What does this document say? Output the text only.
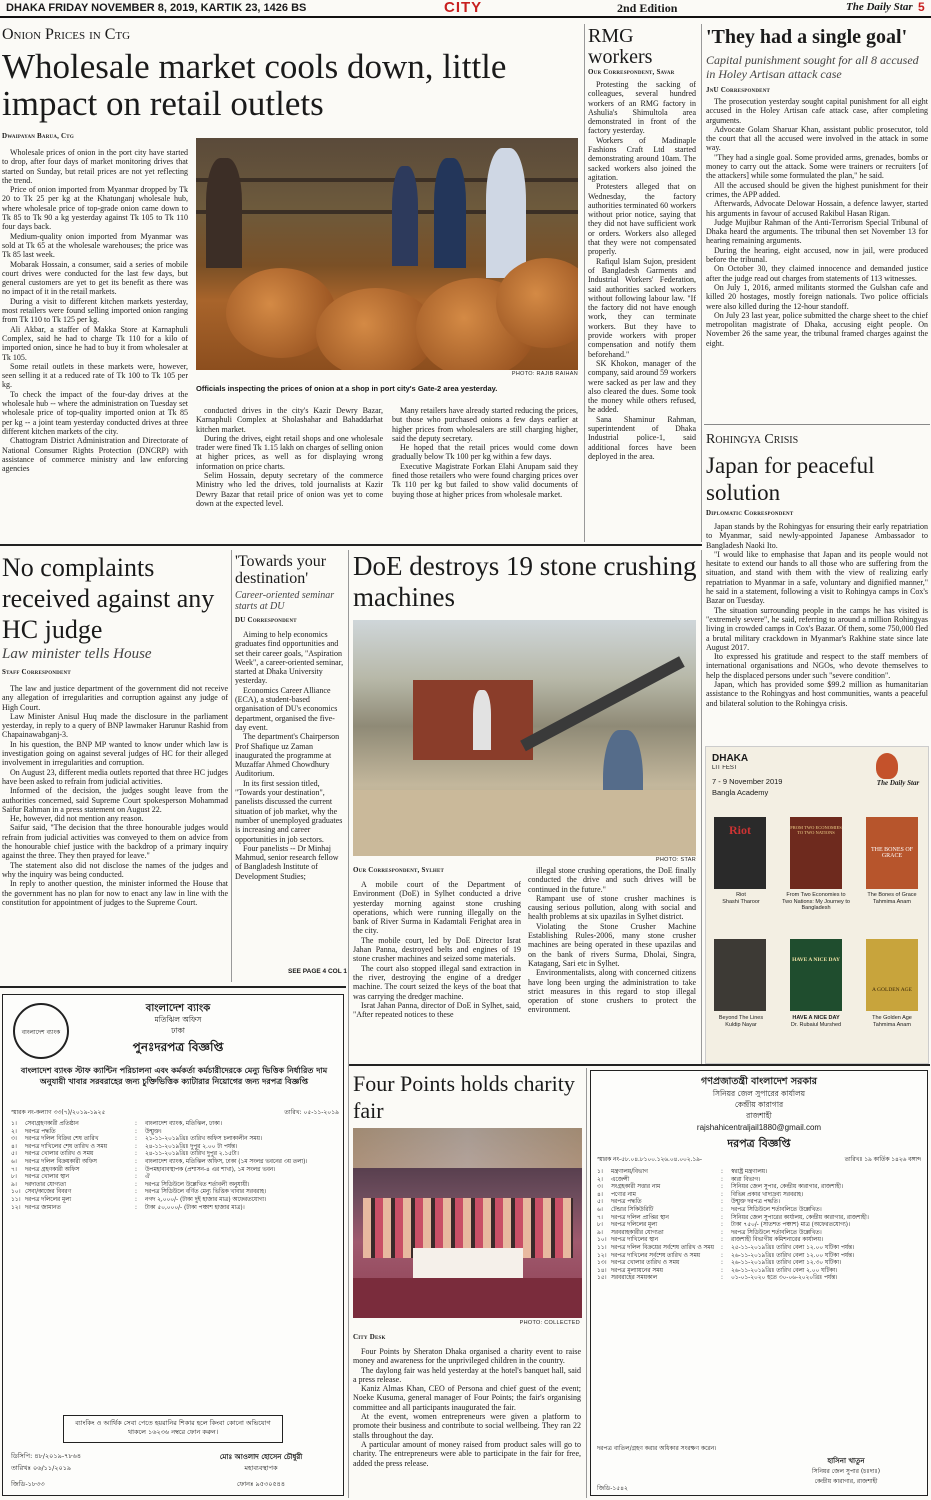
DHAKA FRIDAY NOVEMBER 8, 2019, KARTIK 23, 1426 BS	CITY	2nd Edition	The Daily Star 5
Onion Prices in Ctg
Wholesale market cools down, little impact on retail outlets
Dwaipayan Barua, Ctg

Wholesale prices of onion in the port city have started to drop, after four days of market monitoring drives that started on Sunday, but retail prices are not yet reflecting the trend.

Price of onion imported from Myanmar dropped by Tk 20 to Tk 25 per kg at the Khatunganj wholesale hub, where wholesale price of top-grade onion came down to Tk 85 to Tk 90 a kg yesterday against Tk 105 to Tk 110 four days back.

Medium-quality onion imported from Myanmar was sold at Tk 65 at the wholesale warehouses; the price was Tk 85 last week.

Mobarak Hossain, a consumer, said a series of mobile court drives were conducted for the last few days, but general customers are yet to get its benefit as there was no impact of it in the retail markets.

During a visit to different kitchen markets yesterday, most retailers were found selling imported onion ranging from Tk 110 to Tk 125 per kg.

Ali Akbar, a staffer of Makka Store at Karnaphuli Complex, said he had to charge Tk 110 for a kilo of imported onion, since he had to buy it from wholesaler at Tk 105.

Some retail outlets in these markets were, however, seen selling it at a reduced rate of Tk 100 to Tk 105 per kg.

To check the impact of the four-day drives at the wholesale hub -- where the administration on Tuesday set wholesale price of top-quality imported onion at Tk 85 per kg -- a joint team yesterday conducted drives at three different kitchen markets of the city.

Chattogram District Administration and Directorate of National Consumer Rights Protection (DNCRP) with assistance of commerce ministry and law enforcing agencies

PHOTO: RAJIB RAIHAN
Officials inspecting the prices of onion at a shop in port city's Gate-2 area yesterday.

conducted drives in the city's Kazir Dewry Bazar, Karnaphuli Complex at Sholashahar and Bahaddarhat kitchen market.

During the drives, eight retail shops and one wholesale trader were fined Tk 1.15 lakh on charges of selling onion at higher prices, as well as for displaying wrong information on price charts.

Selim Hossain, deputy secretary of the commerce Ministry who led the drives, told journalists at Kazir Dewry Bazar that retail price of onion was yet to come down at the expected level.

Many retailers have already started reducing the prices, but those who purchased onions a few days earlier at higher prices from wholesalers are still charging higher, said the deputy secretary.

He hoped that the retail prices would come down gradually below Tk 100 per kg within a few days.

Executive Magistrate Forkan Elahi Anupam said they fined those retailers who were found charging prices over Tk 110 per kg but failed to show valid documents of buying those at higher prices from wholesale market.

RMG workers
Our Correspondent, Savar

Protesting the sacking of colleagues, several hundred workers of an RMG factory in Ashulia's Shimultola area demonstrated in front of the factory yesterday.

Workers of Madinaple Fashions Craft Ltd started demonstrating around 10am. The sacked workers also joined the agitation.

Protesters alleged that on Wednesday, the factory authorities terminated 60 workers without prior notice, saying that they did not have sufficient work or orders. Workers also alleged that they were not compensated properly.

Rafiqul Islam Sujon, president of Bangladesh Garments and Industrial Workers' Federation, said authorities sacked workers without following labour law. "If the factory did not have enough work, they can terminate workers. But they have to provide workers with proper compensation and notify them beforehand."

SK Khokon, manager of the company, said around 59 workers were sacked as per law and they also cleared the dues. Some took the money while others refused, he added.

Sana Shaminur Rahman, superintendent of Dhaka Industrial police-1, said additional forces have been deployed in the area.

'They had a single goal'
Capital punishment sought for all 8 accused in Holey Artisan attack case
JnU Correspondent

The prosecution yesterday sought capital punishment for all eight accused in the Holey Artisan cafe attack case, after completing arguments.

Advocate Golam Sharuar Khan, assistant public prosecutor, told the court that all the accused were involved in the attack in some way.

"They had a single goal. Some provided arms, grenades, bombs or money to carry out the attack. Some were trainers or recruiters [of the attackers] while some formulated the plan," he said.

All the accused should be given the highest punishment for their crimes, the APP added.

Afterwards, Advocate Delowar Hossain, a defence lawyer, started his arguments in favour of accused Rakibul Hasan Rigan.

Judge Mujibur Rahman of the Anti-Terrorism Special Tribunal of Dhaka heard the arguments. The tribunal then set November 13 for hearing remaining arguments.

During the hearing, eight accused, now in jail, were produced before the tribunal.

On October 30, they claimed innocence and demanded justice after the judge read out charges from statements of 113 witnesses.

On July 1, 2016, armed militants stormed the Gulshan cafe and killed 20 hostages, mostly foreign nationals. Two police officials were also killed during the 12-hour standoff.

On July 23 last year, police submitted the charge sheet to the chief metropolitan magistrate of Dhaka, accusing eight people. On November 26 the same year, the tribunal framed charges against the eight.

Rohingya Crisis
Japan for peaceful solution
Diplomatic Correspondent

Japan stands by the Rohingyas for ensuring their early repatriation to Myanmar, said newly-appointed Japanese Ambassador to Bangladesh Naoki Ito.

"I would like to emphasise that Japan and its people would not hesitate to extend our hands to all those who are suffering from the situation, and stand with them with the view of realizing early repatriation to Myanmar in a safe, voluntary and dignified manner," he said in a statement, following a visit to Rohingya camps in Cox's Bazar on Tuesday.

The situation surrounding people in the camps he has visited is "extremely severe", he said, referring to around a million Rohingyas living in crowded camps in Cox's Bazar. Of them, some 750,000 fled a brutal military crackdown in Myanmar's Rakhine state since late August 2017.

Ito expressed his gratitude and respect to the staff members of international organisations and NGOs, who devote themselves to help the displaced persons under such "severe condition".

Japan, which has provided some $99.2 million as humanitarian assistance to the Rohingyas and host communities, wants a peaceful and bilateral solution to the Rohingya crisis.

No complaints received against any HC judge
Law minister tells House
Staff Correspondent

The law and justice department of the government did not receive any allegation of irregularities and corruption against any judge of High Court.

Law Minister Anisul Huq made the disclosure in the parliament yesterday, in reply to a query of BNP lawmaker Harunur Rashid from Chapainawabganj-3.

In his question, the BNP MP wanted to know under which law is investigation going on against several judges of HC for their alleged involvement in irregularities and corruption.

On August 23, different media outlets reported that three HC judges have been asked to refrain from judicial activities.

Informed of the decision, the judges sought leave from the authorities concerned, said Supreme Court spokesperson Mohammad Saifur Rahman in a press statement on August 22.

He, however, did not mention any reason.

Saifur said, "The decision that the three honourable judges would refrain from judicial activities was conveyed to them on advice from the honourable chief justice with the backdrop of a primary inquiry against the three. They then prayed for leave."

The statement also did not disclose the names of the judges and why the inquiry was being conducted.

In reply to another question, the minister informed the House that the government has no plan for now to enact any law in line with the constitution for appointment of judges to the Supreme Court.

'Towards your destination'
Career-oriented seminar starts at DU
DU Correspondent

Aiming to help economics graduates find opportunities and set their career goals, "Aspiration Week", a career-oriented seminar, started at Dhaka University yesterday.

Economics Career Alliance (ECA), a student-based organisation of DU's economics department, organised the five-day event.

The department's Chairperson Prof Shafique uz Zaman inaugurated the programme at Muzaffar Ahmed Chowdhury Auditorium.

In its first session titled, "Towards your destination", panelists discussed the current situation of job market, why the number of unemployed graduates is increasing and career opportunities in job sectors.

Four panelists -- Dr Minhaj Mahmud, senior research fellow of Bangladesh Institute of Development Studies;

SEE PAGE 4 COL 1
DoE destroys 19 stone crushing machines
PHOTO: STAR
Our Correspondent, Sylhet

A mobile court of the Department of Environment (DoE) in Sylhet conducted a drive yesterday morning against stone crushing operations, which were running illegally on the bank of River Surma in Kadamtali Ferighat area in the city.

The mobile court, led by DoE Director Israt Jahan Panna, destroyed belts and engines of 19 stone crusher machines and seized some materials.

The court also stopped illegal sand extraction in the river, destroying the engine of a dredger machine. The court seized the keys of the boat that was carrying the dredger machine.

Israt Jahan Panna, director of DoE in Sylhet, said, "After repeated notices to these

illegal stone crushing operations, the DoE finally conducted the drive and such drives will be continued in the future."

Rampant use of stone crusher machines is causing serious pollution, along with social and health problems at six upazilas in Sylhet district.

Violating the Stone Crusher Machine Establishing Rules-2006, many stone crusher machines are being operated in these upazilas and on the bank of rivers Surma, Dholai, Singra, Katagang, Sari etc in Sylhet.

Environmentalists, along with concerned citizens have long been urging the administration to take strict measures in this regard to stop illegal operation of stone crushers to protect the environment.

DHAKA
LIT FEST
7 - 9 November 2019
Bangla Academy
The Daily Star
Riot	FROM TWO ECONOMIES TO TWO NATIONS
THE BONES OF GRACE
Riot
Shashi Tharoor
From Two Economies to Two Nations: My Journey to Bangladesh
The Bones of Grace
Tahmima Anam
HAVE A NICE DAY
A GOLDEN AGE
Beyond The Lines
Kuldip Nayar
HAVE A NICE DAY
Dr. Rubaiul Murshed
The Golden Age
Tahmima Anam
বাংলাদেশ ব্যাংক
বাংলাদেশ ব্যাংক
মতিঝিল অফিস
ঢাকা
পুনঃদরপত্র বিজ্ঞপ্তি
বাংলাদেশ ব্যাংক স্টাফ ক্যান্টিন পরিচালনা এবং কর্মকর্তা কর্মচারীদেরকে মেন্যু ভিত্তিক নির্ধারিত দাম অনুযায়ী খাবার সরবরাহের জন্য চুক্তিভিত্তিক ক্যাটারার নিয়োগের জন্য দরপত্র বিজ্ঞপ্তি
স্মারক নং-কল্যাণ ৩৩(৭)/২০১৯-১৯২৫	তারিখ: ০৫-১১-২০১৯
১।	সেবাগ্রহণকারী প্রতিষ্ঠান	:	বাংলাদেশ ব্যাংক, মতিঝিল, ঢাকা।
২।	দরপত্র পদ্ধতি	:	উন্মুক্ত।
৩।	দরপত্র দলিল বিক্রির শেষ তারিখ	:	২১-১১-২০১৯খ্রিঃ তারিখ অফিস চলাকালীন সময়।
৪।	দরপত্র দাখিলের শেষ তারিখ ও সময়	:	২৪-১১-২০১৯খ্রিঃ দুপুর ২.০০ টা পর্যন্ত।
৫।	দরপত্র খোলার তারিখ ও সময়	:	২৪-১১-২০১৯খ্রিঃ তারিখ দুপুর ২.১৫টা।
৬।	দরপত্র দলিল বিক্রয়কারী অফিস	:	বাংলাদেশ ব্যাংক, মতিঝিল অফিস, ঢাকা (১ম সংলগ্ন ভবনের ৩য় তলা)।
৭।	দরপত্র গ্রহণকারী অফিস	:	উপমহাব্যবস্থাপক (প্রশাসন-৪ এর শাখা), ১ম সংলগ্ন ভবন।
৮।	দরপত্র খোলার স্থান	:	ঐ
৯।	দরদাতার যোগ্যতা	:	দরপত্র সিডিউলে উল্লেখিত শর্তাবলী অনুযায়ী।
১০। সেবা/কাজের বিবরণ	:	দরপত্র সিডিউলে বর্ণিত মেন্যু ভিত্তিক খাবার সরবরাহ।
১১। দরপত্র দলিলের মূল্য	:	নগদ ২,০০০/- (টাকা দুই হাজার মাত্র) অফেরতযোগ্য।
১২। দরপত্র জামানত	:	টাকা ৫০,০০০/- (টাকা পঞ্চাশ হাজার মাত্র)।
ব্যাংকিং ও আর্থিক সেবা পেতে হয়রানির শিকার হলে কিংবা কোনো অভিযোগ থাকলে ১৬২৩৬ নম্বরে ফোন করুন।
ডিসিপি: ৪৮/২০১৯-৭৮৬৪
তারিখঃ ০৬/১১/২০১৯
জিডি-১৮৩৩
মোঃ আওলাদ হোসেন চৌধুরী
মহাব্যবস্থাপক
ফোনঃ ৯৫৩০৫৪৪
Four Points holds charity fair
PHOTO: COLLECTED
City Desk

Four Points by Sheraton Dhaka organised a charity event to raise money and awareness for the unprivileged children in the country.

The daylong fair was held yesterday at the hotel's banquet hall, said a press release.

Kaniz Almas Khan, CEO of Persona and chief guest of the event; Noeke Kusuma, general manager of Four Points; the fair's organising committee and all participants inaugurated the fair.

At the event, women entrepreneurs were given a platform to promote their business and contribute to social wellbeing. They ran 22 stalls throughout the day.

A particular amount of money raised from product sales will go to charity. The entrepreneurs were able to participate in the fair for free, added the press release.

গণপ্রজাতন্ত্রী বাংলাদেশ সরকার
সিনিয়র জেল সুপারের কার্যালয়
কেন্দ্রীয় কারাগার
রাজশাহী
rajshahicentraljail1880@gmail.com
দরপত্র বিজ্ঞপ্তি
স্মারক নং-৫৮.০৪.৮১০০.১২৬.০৪.০০২.১৯-	তারিখঃ ১৯ কার্তিক ১৪২৬ বঙ্গাব্দ
১।	মন্ত্রণালয়/বিভাগ	:	স্বরাষ্ট্র মন্ত্রণালয়।
২।	এজেন্সী	:	কারা বিভাগ।
৩।	সংগ্রহকারী সত্তার নাম	:	সিনিয়র জেল সুপার, কেন্দ্রীয় কারাগার, রাজশাহী।
৪।	পণ্যের নাম	:	বিভিন্ন প্রকার খাদ্যদ্রব্য সরবরাহ।
৫।	দরপত্র পদ্ধতি	:	উন্মুক্ত দরপত্র পদ্ধতি।
৬।	টেন্ডার সিকিউরিটি	:	দরপত্র সিডিউলে শর্তাবলিতে উল্লেখিত।
৭।	দরপত্র দলিল প্রাপ্তির স্থান	:	সিনিয়র জেল সুপারের কার্যালয়, কেন্দ্রীয় কারাগার, রাজশাহী।
৮।	দরপত্র দলিলের মূল্য	:	টাকা ৭৫০/- (সাতশত পঞ্চাশ) মাত্র (অফেরতযোগ্য)।
৯।	সরবরাহকারীর যোগ্যতা	:	দরপত্র সিডিউলে শর্তাবলিতে উল্লেখিত।
১০। দরপত্র দাখিলের স্থান	:	রাজশাহী বিভাগীয় কমিশনারের কার্যালয়।
১১। দরপত্র দলিল বিক্রয়ের সর্বশেষ তারিখ ও সময়	:	২৫-১১-২০১৯খ্রিঃ তারিখ বেলা ১২.০০ ঘটিকা পর্যন্ত।
১২। দরপত্র দাখিলের সর্বশেষ তারিখ ও সময়	:	২৬-১১-২০১৯খ্রিঃ তারিখ বেলা ১২.০০ ঘটিকা পর্যন্ত।
১৩। দরপত্র খোলার তারিখ ও সময়	:	২৬-১১-২০১৯খ্রিঃ তারিখ বেলা ১২.৩০ ঘটিকা।
১৪। দরপত্র মূল্যায়নের সময়	:	২৬-১১-২০১৯খ্রিঃ তারিখ বেলা ২.০০ ঘটিকা।
১৫। সরবরাহের সময়কাল	:	০১-০১-২০২০ হতে ৩০-০৬-২০২০খ্রিঃ পর্যন্ত।
দরপত্র বাতিল/গ্রহণ করার অধিকার সংরক্ষণ করেন।
হাসিনা খাতুন
সিনিয়র জেল সুপার (চঃদাঃ)
কেন্দ্রীয় কারাগার, রাজশাহী
জিডি-১৫৪২
